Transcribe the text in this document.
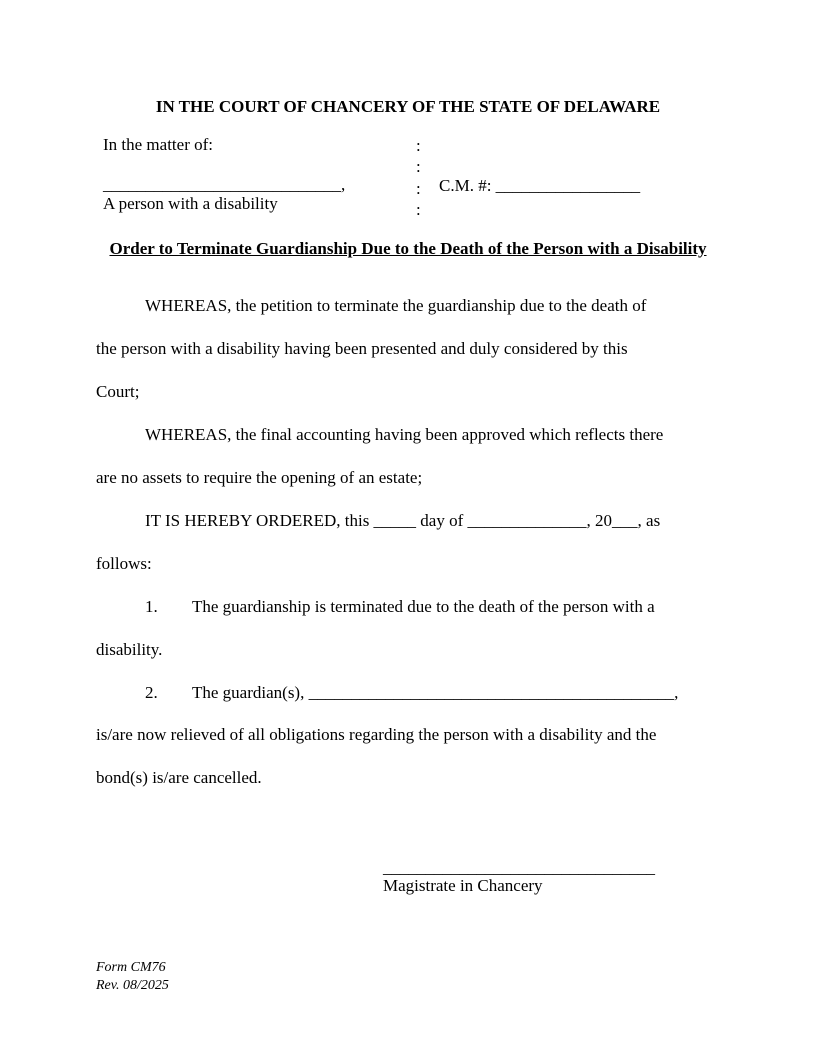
IN THE COURT OF CHANCERY OF THE STATE OF DELAWARE
In the matter of:
____________________________,
A person with a disability
:
:
:
:
C.M. #: _________________
Order to Terminate Guardianship Due to the Death of the Person with a Disability
WHEREAS, the petition to terminate the guardianship due to the death of
the person with a disability having been presented and duly considered by this
Court;
WHEREAS, the final accounting having been approved which reflects there
are no assets to require the opening of an estate;
IT IS HEREBY ORDERED, this _____ day of ______________, 20___, as
follows:
1. The guardianship is terminated due to the death of the person with a
disability.
2. The guardian(s), ___________________________________________,
is/are now relieved of all obligations regarding the person with a disability and the
bond(s) is/are cancelled.
________________________________
Magistrate in Chancery
Form CM76
Rev. 08/2025
